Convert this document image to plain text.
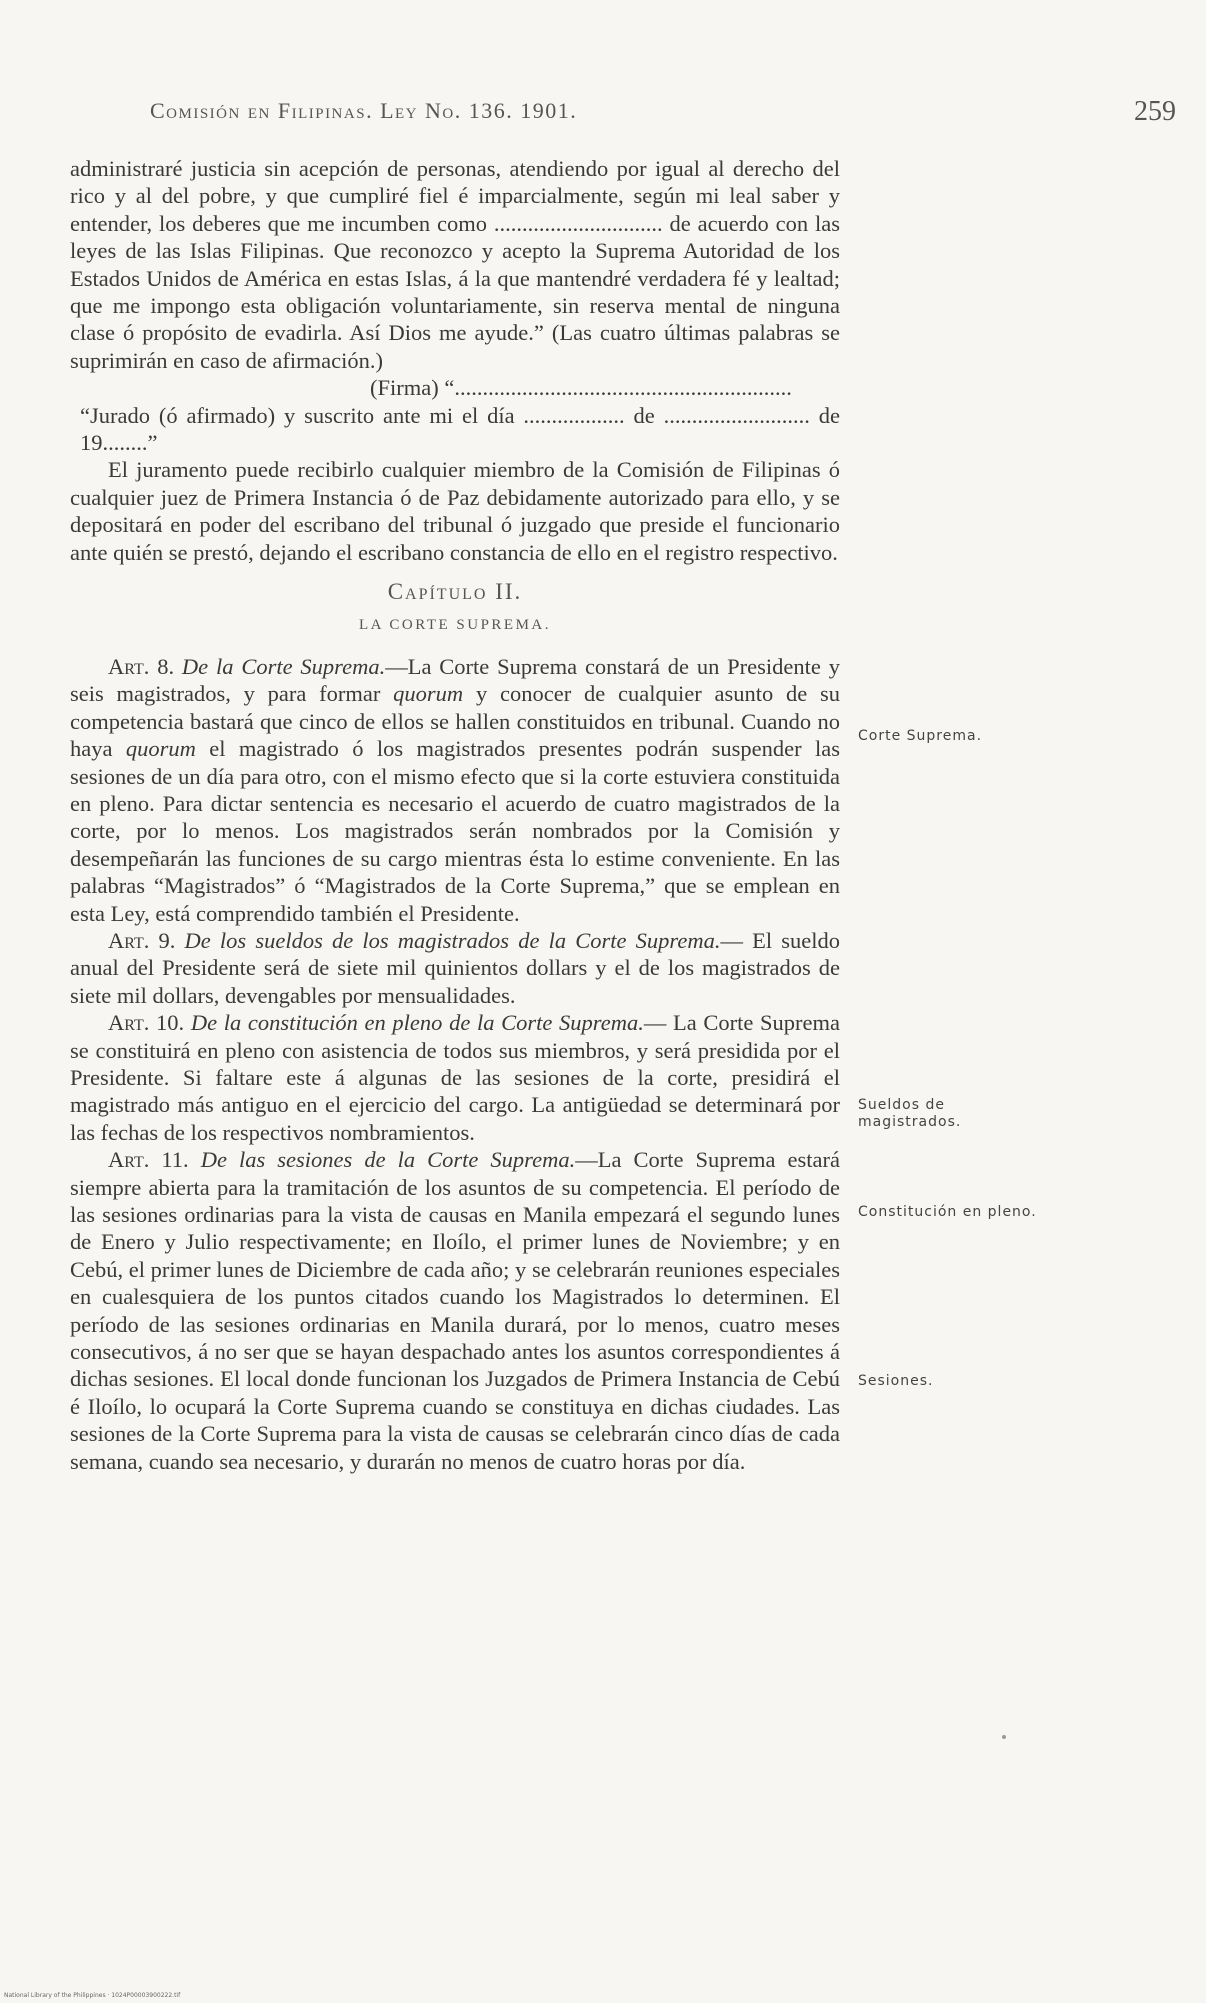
Comisión en Filipinas. Ley No. 136. 1901.	259

administraré justicia sin acepción de personas, atendiendo por igual al derecho del rico y al del pobre, y que cumpliré fiel é imparcialmente, según mi leal saber y entender, los deberes que me incumben como .............................. de acuerdo con las leyes de las Islas Filipinas. Que reconozco y acepto la Suprema Autoridad de los Estados Unidos de América en estas Islas, á la que mantendré verdadera fé y lealtad; que me impongo esta obligación voluntariamente, sin reserva mental de ninguna clase ó propósito de evadirla. Así Dios me ayude.” (Las cuatro últimas palabras se suprimirán en caso de afirmación.)

(Firma) “............................................................

“Jurado (ó afirmado) y suscrito ante mi el día .................. de .......................... de 19........”

El juramento puede recibirlo cualquier miembro de la Comisión de Filipinas ó cualquier juez de Primera Instancia ó de Paz debidamente autorizado para ello, y se depositará en poder del escribano del tribunal ó juzgado que preside el funcionario ante quién se prestó, dejando el escribano constancia de ello en el registro respectivo.

Capítulo II.
LA CORTE SUPREMA.

Art. 8. De la Corte Suprema.—La Corte Suprema constará de un Presidente y seis magistrados, y para formar quorum y conocer de cualquier asunto de su competencia bastará que cinco de ellos se hallen constituidos en tribunal. Cuando no haya quorum el magistrado ó los magistrados presentes podrán suspender las sesiones de un día para otro, con el mismo efecto que si la corte estuviera constituida en pleno. Para dictar sentencia es necesario el acuerdo de cuatro magistrados de la corte, por lo menos. Los magistrados serán nombrados por la Comisión y desempeñarán las funciones de su cargo mientras ésta lo estime conveniente. En las palabras “Magistrados” ó “Magistrados de la Corte Suprema,” que se emplean en esta Ley, está comprendido también el Presidente.

Art. 9. De los sueldos de los magistrados de la Corte Suprema.— El sueldo anual del Presidente será de siete mil quinientos dollars y el de los magistrados de siete mil dollars, devengables por mensualidades.

Art. 10. De la constitución en pleno de la Corte Suprema.— La Corte Suprema se constituirá en pleno con asistencia de todos sus miembros, y será presidida por el Presidente. Si faltare este á algunas de las sesiones de la corte, presidirá el magistrado más antiguo en el ejercicio del cargo. La antigüedad se determinará por las fechas de los respectivos nombramientos.

Art. 11. De las sesiones de la Corte Suprema.—La Corte Suprema estará siempre abierta para la tramitación de los asuntos de su competencia. El período de las sesiones ordinarias para la vista de causas en Manila empezará el segundo lunes de Enero y Julio respectivamente; en Iloílo, el primer lunes de Noviembre; y en Cebú, el primer lunes de Diciembre de cada año; y se celebrarán reuniones especiales en cualesquiera de los puntos citados cuando los Magistrados lo determinen. El período de las sesiones ordinarias en Manila durará, por lo menos, cuatro meses consecutivos, á no ser que se hayan despachado antes los asuntos correspondientes á dichas sesiones. El local donde funcionan los Juzgados de Primera Instancia de Cebú é Iloílo, lo ocupará la Corte Suprema cuando se constituya en dichas ciudades. Las sesiones de la Corte Suprema para la vista de causas se celebrarán cinco días de cada semana, cuando sea necesario, y durarán no menos de cuatro horas por día.

Corte Suprema.
Sueldos de magistrados.
Constitución en pleno.
Sesiones.
National Library of the Philippines · 1024P00003900222.tif
